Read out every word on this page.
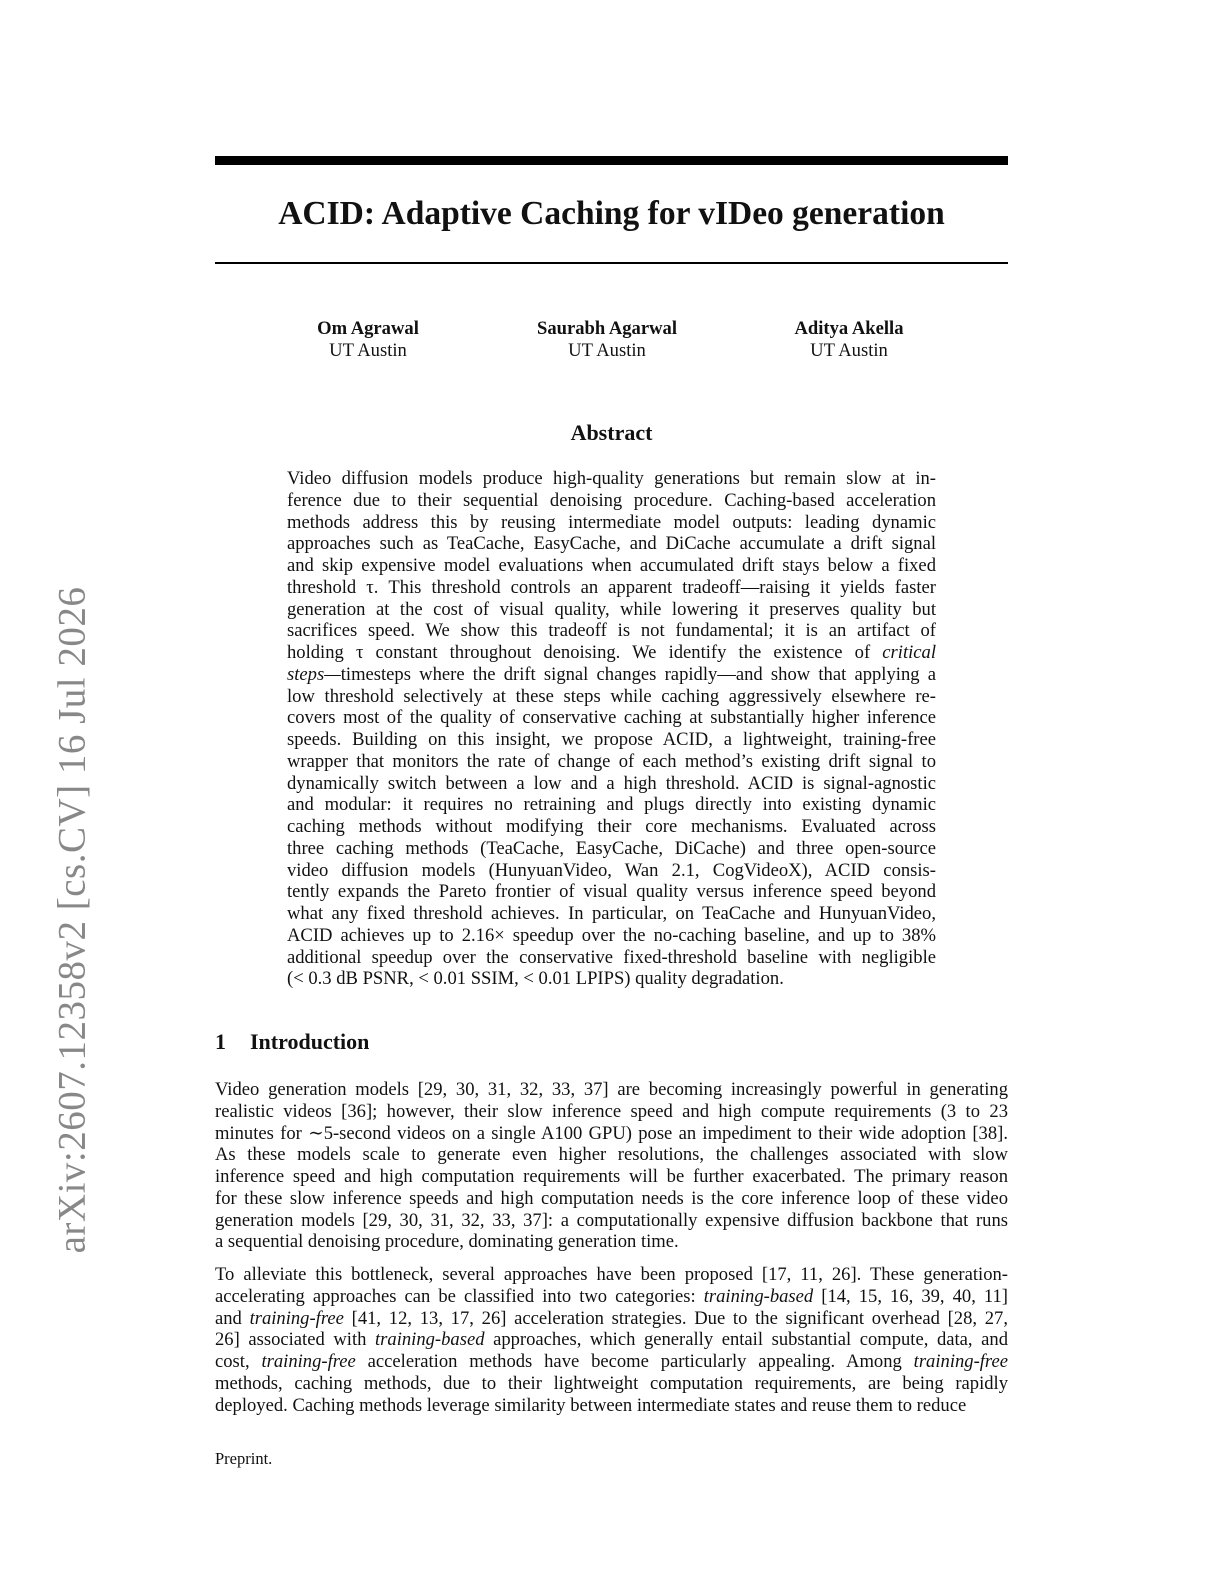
arXiv:2607.12358v2 [cs.CV] 16 Jul 2026
ACID: Adaptive Caching for vIDeo generation
Om Agrawal
UT Austin
Saurabh Agarwal
UT Austin
Aditya Akella
UT Austin
Abstract
Video diffusion models produce high-quality generations but remain slow at in-
ference due to their sequential denoising procedure. Caching-based acceleration
methods address this by reusing intermediate model outputs: leading dynamic
approaches such as TeaCache, EasyCache, and DiCache accumulate a drift signal
and skip expensive model evaluations when accumulated drift stays below a fixed
threshold τ. This threshold controls an apparent tradeoff—raising it yields faster
generation at the cost of visual quality, while lowering it preserves quality but
sacrifices speed. We show this tradeoff is not fundamental; it is an artifact of
holding τ constant throughout denoising. We identify the existence of critical
steps—timesteps where the drift signal changes rapidly—and show that applying a
low threshold selectively at these steps while caching aggressively elsewhere re-
covers most of the quality of conservative caching at substantially higher inference
speeds. Building on this insight, we propose ACID, a lightweight, training-free
wrapper that monitors the rate of change of each method’s existing drift signal to
dynamically switch between a low and a high threshold. ACID is signal-agnostic
and modular: it requires no retraining and plugs directly into existing dynamic
caching methods without modifying their core mechanisms. Evaluated across
three caching methods (TeaCache, EasyCache, DiCache) and three open-source
video diffusion models (HunyuanVideo, Wan 2.1, CogVideoX), ACID consis-
tently expands the Pareto frontier of visual quality versus inference speed beyond
what any fixed threshold achieves. In particular, on TeaCache and HunyuanVideo,
ACID achieves up to 2.16× speedup over the no-caching baseline, and up to 38%
additional speedup over the conservative fixed-threshold baseline with negligible
(< 0.3 dB PSNR, < 0.01 SSIM, < 0.01 LPIPS) quality degradation.
1 Introduction
Video generation models [29, 30, 31, 32, 33, 37] are becoming increasingly powerful in generating
realistic videos [36]; however, their slow inference speed and high compute requirements (3 to 23
minutes for ∼5-second videos on a single A100 GPU) pose an impediment to their wide adoption [38].
As these models scale to generate even higher resolutions, the challenges associated with slow
inference speed and high computation requirements will be further exacerbated. The primary reason
for these slow inference speeds and high computation needs is the core inference loop of these video
generation models [29, 30, 31, 32, 33, 37]: a computationally expensive diffusion backbone that runs
a sequential denoising procedure, dominating generation time.
To alleviate this bottleneck, several approaches have been proposed [17, 11, 26]. These generation-
accelerating approaches can be classified into two categories: training-based [14, 15, 16, 39, 40, 11]
and training-free [41, 12, 13, 17, 26] acceleration strategies. Due to the significant overhead [28, 27,
26] associated with training-based approaches, which generally entail substantial compute, data, and
cost, training-free acceleration methods have become particularly appealing. Among training-free
methods, caching methods, due to their lightweight computation requirements, are being rapidly
deployed. Caching methods leverage similarity between intermediate states and reuse them to reduce
Preprint.
